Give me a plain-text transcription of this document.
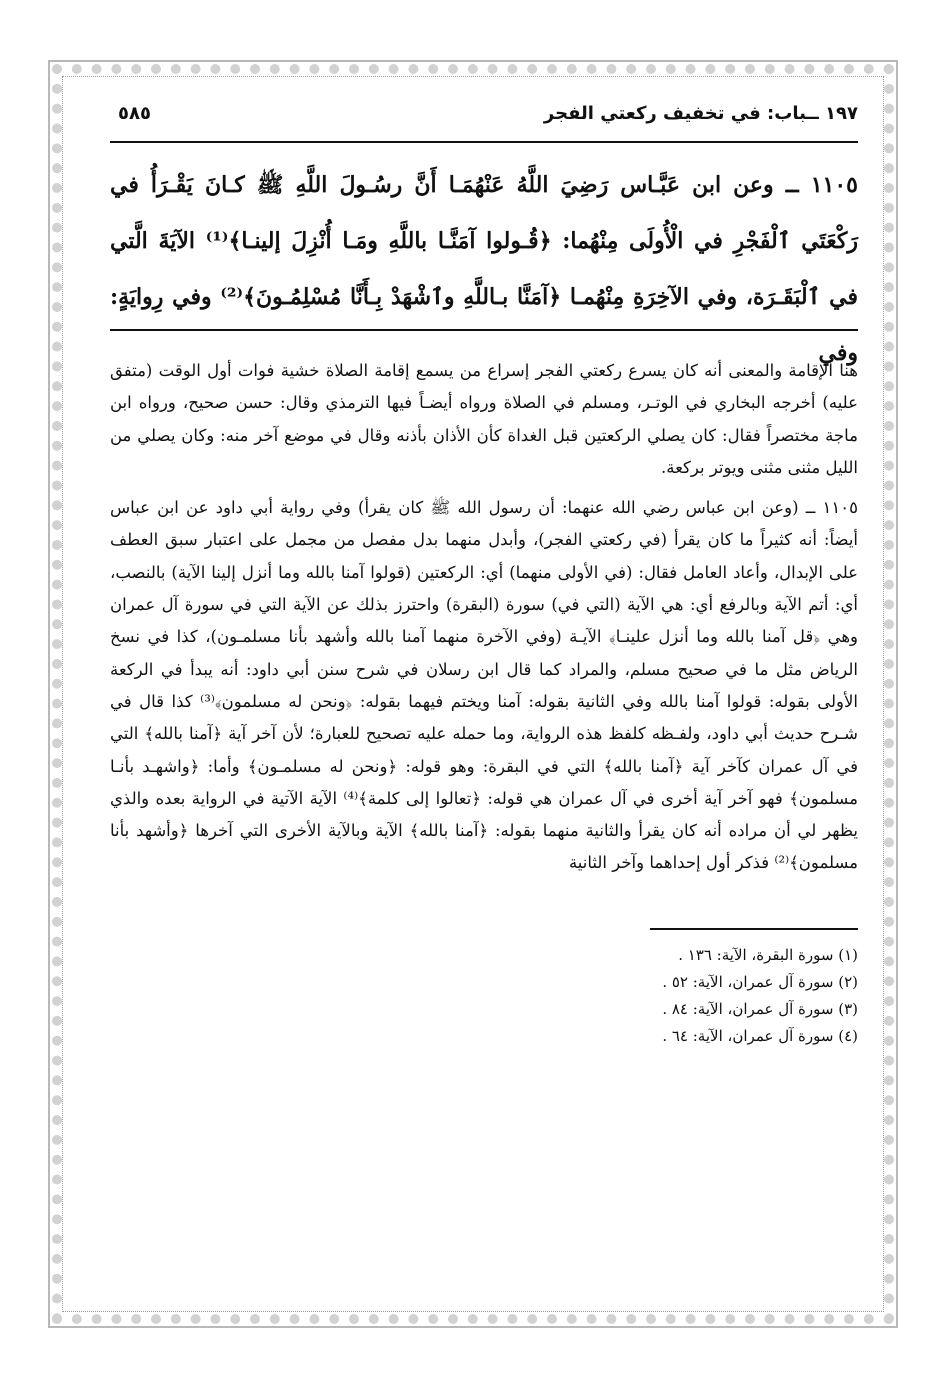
١٩٧ ــباب: في تخفيف ركعتي الفجر
٥٨٥
١١٠٥ ــ وعن ابن عَبَّـاس رَضِيَ اللَّهُ عَنْهُمَـا أَنَّ رسُـولَ اللَّهِ ﷺ كـانَ يَقْـرَأُ في رَكْعَتَي ٱلْفَجْرِ في الْأُولَى مِنْهُما: ﴿قُـولوا آمَنَّـا باللَّهِ ومَـا أُنْزِلَ إلينـا﴾⁽¹⁾ الآيَةَ الَّتي في ٱلْبَقَـرَة، وفي الآخِرَةِ مِنْهُمـا ﴿آمَنَّا بـاللَّهِ وٱشْهَدْ بِـأَنَّا مُسْلِمُـونَ﴾⁽²⁾ وفي رِوايَةٍ: وفي

هنا الإقامة والمعنى أنه كان يسرع ركعتي الفجر إسراع من يسمع إقامة الصلاة خشية فوات أول الوقت (متفق عليه) أخرجه البخاري في الوتـر، ومسلم في الصلاة ورواه أيضـاً فيها الترمذي وقال: حسن صحيح، ورواه ابن ماجة مختصراً فقال: كان يصلي الركعتين قبل الغداة كأن الأذان بأذنه وقال في موضع آخر منه: وكان يصلي من الليل مثنى مثنى ويوتر بركعة.

١١٠٥ ــ (وعن ابن عباس رضي الله عنهما: أن رسول الله ﷺ كان يقرأ) وفي رواية أبي داود عن ابن عباس أيضاً: أنه كثيراً ما كان يقرأ (في ركعتي الفجر)، وأبدل منهما بدل مفصل من مجمل على اعتبار سبق العطف على الإبدال، وأعاد العامل فقال: (في الأولى منهما) أي: الركعتين (قولوا آمنا بالله وما أنزل إلينا الآية) بالنصب، أي: أتم الآية وبالرفع أي: هي الآية (التي في) سورة (البقرة) واحترز بذلك عن الآية التي في سورة آل عمران وهي ﴿قل آمنا بالله وما أنزل علينـا﴾ الآيـة (وفي الآخرة منهما آمنا بالله وأشهد بأنا مسلمـون)، كذا في نسخ الرياض مثل ما في صحيح مسلم، والمراد كما قال ابن رسلان في شرح سنن أبي داود: أنه يبدأ في الركعة الأولى بقوله: قولوا آمنا بالله وفي الثانية بقوله: آمنا ويختم فيهما بقوله: ﴿ونحن له مسلمون﴾⁽³⁾ كذا قال في شـرح حديث أبي داود، ولفـظه كلفظ هذه الرواية، وما حمله عليه تصحيح للعبارة؛ لأن آخر آية ﴿آمنا بالله﴾ التي في آل عمران كآخر آية ﴿آمنا بالله﴾ التي في البقرة: وهو قوله: ﴿ونحن له مسلمـون﴾ وأما: ﴿واشهـد بأنـا مسلمون﴾ فهو آخر آية أخرى في آل عمران هي قوله: ﴿تعالوا إلى كلمة﴾⁽⁴⁾ الآية الآتية في الرواية بعده والذي يظهر لي أن مراده أنه كان يقرأ والثانية منهما بقوله: ﴿آمنا بالله﴾ الآية وبالآية الأخرى التي آخرها ﴿وأشهد بأنا مسلمون﴾⁽²⁾ فذكر أول إحداهما وآخر الثانية

(١) سورة البقرة، الآية: ١٣٦ .
(٢) سورة آل عمران، الآية: ٥٢ .
(٣) سورة آل عمران، الآية: ٨٤ .
(٤) سورة آل عمران، الآية: ٦٤ .
